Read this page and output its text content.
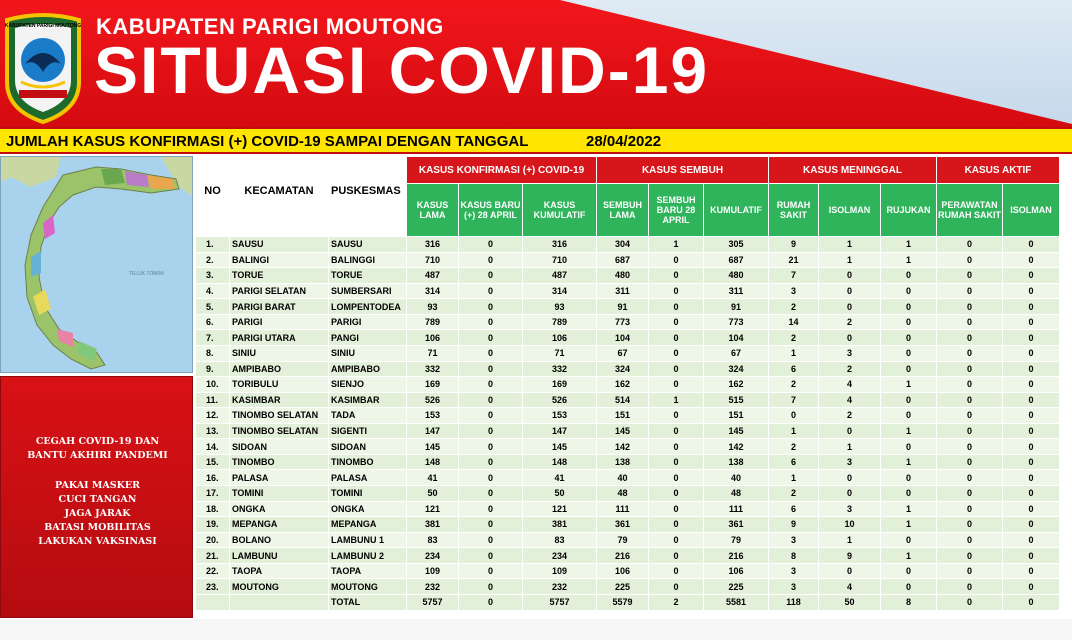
KABUPATEN PARIGI MOUTONG KABUPATEN PARIGI MOUTONG
SITUASI COVID-19
JUMLAH KASUS KONFIRMASI (+) COVID-19 SAMPAI DENGAN TANGGAL	28/04/2022
TELUK TOMINI
CEGAH COVID-19 DAN
BANTU AKHIRI PANDEMI
PAKAI MASKER
CUCI TANGAN
JAGA JARAK
BATASI MOBILITAS
LAKUKAN VAKSINASI
NO	KECAMATAN	PUSKESMAS	KASUS KONFIRMASI (+) COVID-19			KASUS SEMBUH			KASUS MENINGGAL			KASUS AKTIF	
			KASUS LAMA	KASUS BARU (+) 28 APRIL	KASUS KUMULATIF	SEMBUH LAMA	SEMBUH BARU 28 APRIL	KUMULATIF	RUMAH SAKIT	ISOLMAN	RUJUKAN	PERAWATAN RUMAH SAKIT	ISOLMAN
1.	SAUSU	SAUSU	316	0	316	304	1	305	9	1	1	0	0
2.	BALINGI	BALINGGI	710	0	710	687	0	687	21	1	1	0	0
3.	TORUE	TORUE	487	0	487	480	0	480	7	0	0	0	0
4.	PARIGI SELATAN	SUMBERSARI	314	0	314	311	0	311	3	0	0	0	0
5.	PARIGI BARAT	LOMPENTODEA	93	0	93	91	0	91	2	0	0	0	0
6.	PARIGI	PARIGI	789	0	789	773	0	773	14	2	0	0	0
7.	PARIGI UTARA	PANGI	106	0	106	104	0	104	2	0	0	0	0
8.	SINIU	SINIU	71	0	71	67	0	67	1	3	0	0	0
9.	AMPIBABO	AMPIBABO	332	0	332	324	0	324	6	2	0	0	0
10.	TORIBULU	SIENJO	169	0	169	162	0	162	2	4	1	0	0
11.	KASIMBAR	KASIMBAR	526	0	526	514	1	515	7	4	0	0	0
12.	TINOMBO SELATAN	TADA	153	0	153	151	0	151	0	2	0	0	0
13.	TINOMBO SELATAN	SIGENTI	147	0	147	145	0	145	1	0	1	0	0
14.	SIDOAN	SIDOAN	145	0	145	142	0	142	2	1	0	0	0
15.	TINOMBO	TINOMBO	148	0	148	138	0	138	6	3	1	0	0
16.	PALASA	PALASA	41	0	41	40	0	40	1	0	0	0	0
17.	TOMINI	TOMINI	50	0	50	48	0	48	2	0	0	0	0
18.	ONGKA	ONGKA	121	0	121	111	0	111	6	3	1	0	0
19.	MEPANGA	MEPANGA	381	0	381	361	0	361	9	10	1	0	0
20.	BOLANO	LAMBUNU 1	83	0	83	79	0	79	3	1	0	0	0
21.	LAMBUNU	LAMBUNU 2	234	0	234	216	0	216	8	9	1	0	0
22.	TAOPA	TAOPA	109	0	109	106	0	106	3	0	0	0	0
23.	MOUTONG	MOUTONG	232	0	232	225	0	225	3	4	0	0	0
		TOTAL	5757	0	5757	5579	2	5581	118	50	8	0	0
